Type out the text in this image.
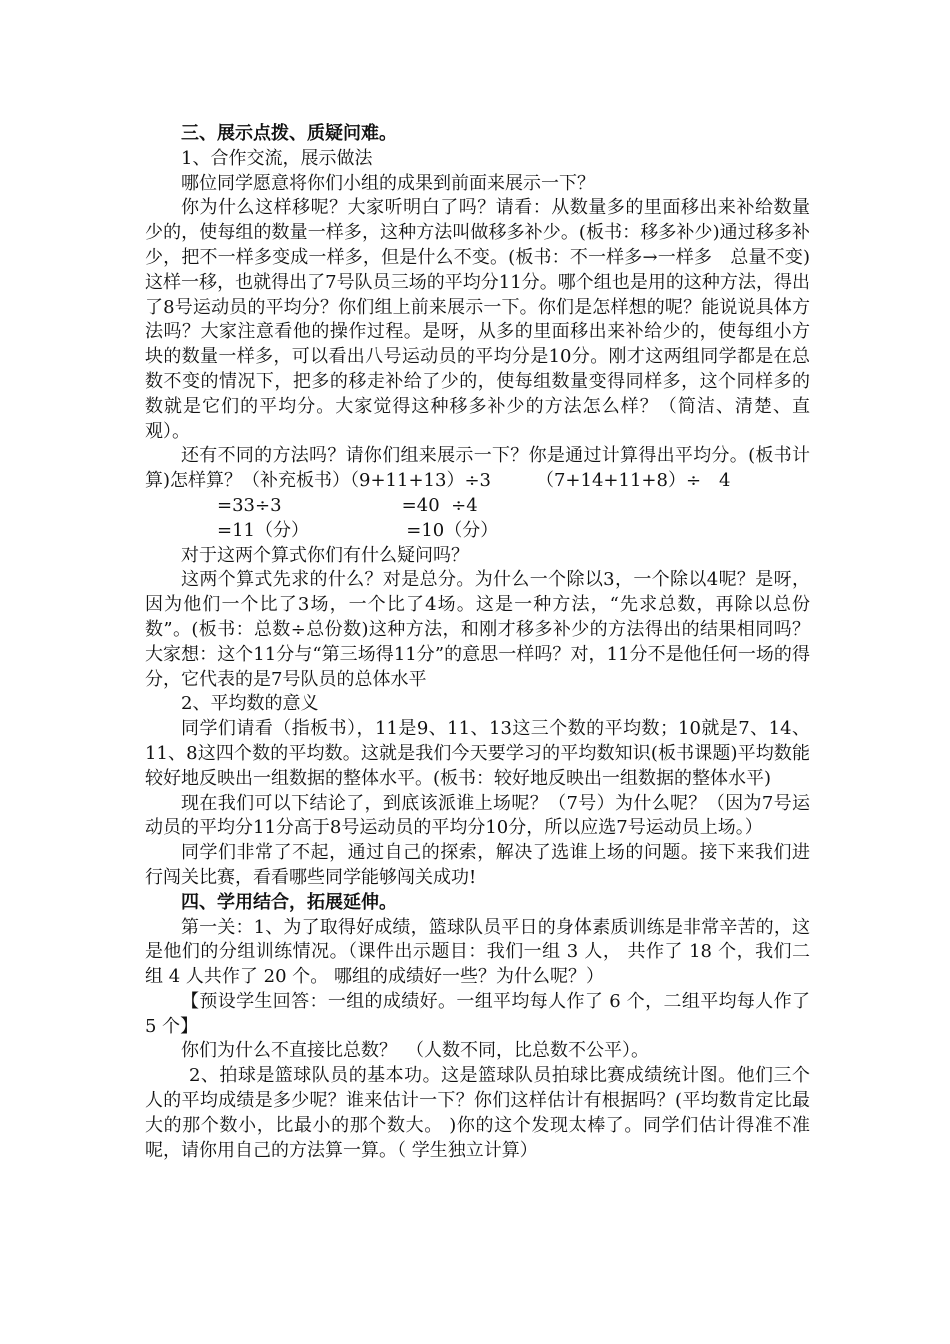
三、展示点拨、质疑问难。

1、合作交流，展示做法

哪位同学愿意将你们小组的成果到前面来展示一下？

你为什么这样移呢？大家听明白了吗？请看：从数量多的里面移出来补给数量少的，使每组的数量一样多，这种方法叫做移多补少。(板书：移多补少)通过移多补少，把不一样多变成一样多，但是什么不变。(板书：不一样多→一样多　总量不变)这样一移，也就得出了7号队员三场的平均分11分。哪个组也是用的这种方法，得出了8号运动员的平均分？你们组上前来展示一下。你们是怎样想的呢？能说说具体方法吗？大家注意看他的操作过程。是呀，从多的里面移出来补给少的，使每组小方块的数量一样多，可以看出八号运动员的平均分是10分。刚才这两组同学都是在总数不变的情况下，把多的移走补给了少的，使每组数量变得同样多，这个同样多的数就是它们的平均分。大家觉得这种移多补少的方法怎么样？（简洁、清楚、直观）。

还有不同的方法吗？请你们组来展示一下？你是通过计算得出平均分。(板书计算)怎样算？（补充板书）（9+11+13）÷3　　　（7+14+11+8）÷　4

=33÷3                     =40  ÷4

=11（分）                 =10（分）

对于这两个算式你们有什么疑问吗？

这两个算式先求的什么？对是总分。为什么一个除以3，一个除以4呢？是呀，因为他们一个比了3场，一个比了4场。这是一种方法，“先求总数，再除以总份数”。(板书：总数÷总份数)这种方法，和刚才移多补少的方法得出的结果相同吗？大家想：这个11分与“第三场得11分”的意思一样吗？对，11分不是他任何一场的得分，它代表的是7号队员的总体水平

2、平均数的意义

同学们请看（指板书），11是9、11、13这三个数的平均数；10就是7、14、11、8这四个数的平均数。这就是我们今天要学习的平均数知识(板书课题)平均数能较好地反映出一组数据的整体水平。(板书：较好地反映出一组数据的整体水平)

现在我们可以下结论了，到底该派谁上场呢？（7号）为什么呢？（因为7号运动员的平均分11分高于8号运动员的平均分10分，所以应选7号运动员上场。）

同学们非常了不起，通过自己的探索，解决了选谁上场的问题。接下来我们进行闯关比赛，看看哪些同学能够闯关成功!

四、学用结合，拓展延伸。

第一关：1、为了取得好成绩，篮球队员平日的身体素质训练是非常辛苦的，这是他们的分组训练情况。（课件出示题目：我们一组 3 人， 共作了 18 个，我们二组 4 人共作了 20 个。 哪组的成绩好一些？为什么呢？）

【预设学生回答：一组的成绩好。一组平均每人作了 6 个，二组平均每人作了 5 个】

你们为什么不直接比总数？　（人数不同，比总数不公平）。

2、拍球是篮球队员的基本功。这是篮球队员拍球比赛成绩统计图。他们三个人的平均成绩是多少呢？谁来估计一下？你们这样估计有根据吗？(平均数肯定比最大的那个数小，比最小的那个数大。 )你的这个发现太棒了。同学们估计得准不准呢，请你用自己的方法算一算。（ 学生独立计算）
